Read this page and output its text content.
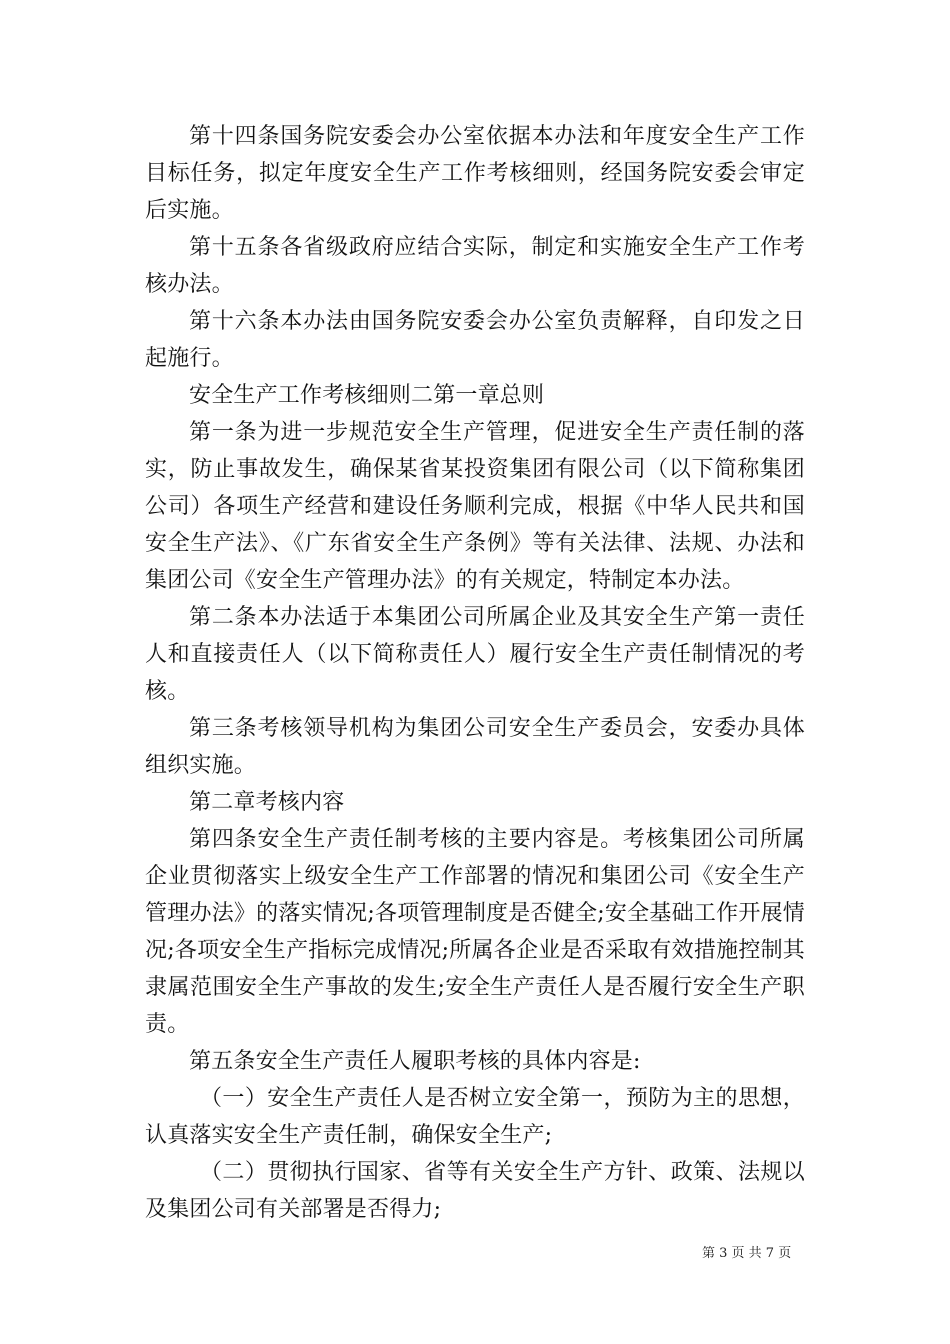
第十四条国务院安委会办公室依据本办法和年度安全生产工作目标任务，拟定年度安全生产工作考核细则，经国务院安委会审定后实施。

第十五条各省级政府应结合实际，制定和实施安全生产工作考核办法。

第十六条本办法由国务院安委会办公室负责解释，自印发之日起施行。

安全生产工作考核细则二第一章总则

第一条为进一步规范安全生产管理，促进安全生产责任制的落实，防止事故发生，确保某省某投资集团有限公司（以下简称集团公司）各项生产经营和建设任务顺利完成，根据《中华人民共和国安全生产法》、《广东省安全生产条例》等有关法律、法规、办法和集团公司《安全生产管理办法》的有关规定，特制定本办法。

第二条本办法适于本集团公司所属企业及其安全生产第一责任人和直接责任人（以下简称责任人）履行安全生产责任制情况的考核。

第三条考核领导机构为集团公司安全生产委员会，安委办具体组织实施。

第二章考核内容

第四条安全生产责任制考核的主要内容是。考核集团公司所属企业贯彻落实上级安全生产工作部署的情况和集团公司《安全生产管理办法》的落实情况;各项管理制度是否健全;安全基础工作开展情况;各项安全生产指标完成情况;所属各企业是否采取有效措施控制其隶属范围安全生产事故的发生;安全生产责任人是否履行安全生产职责。

第五条安全生产责任人履职考核的具体内容是:

（一）安全生产责任人是否树立安全第一，预防为主的思想，认真落实安全生产责任制，确保安全生产;

（二）贯彻执行国家、省等有关安全生产方针、政策、法规以及集团公司有关部署是否得力;

第 3 页 共 7 页
